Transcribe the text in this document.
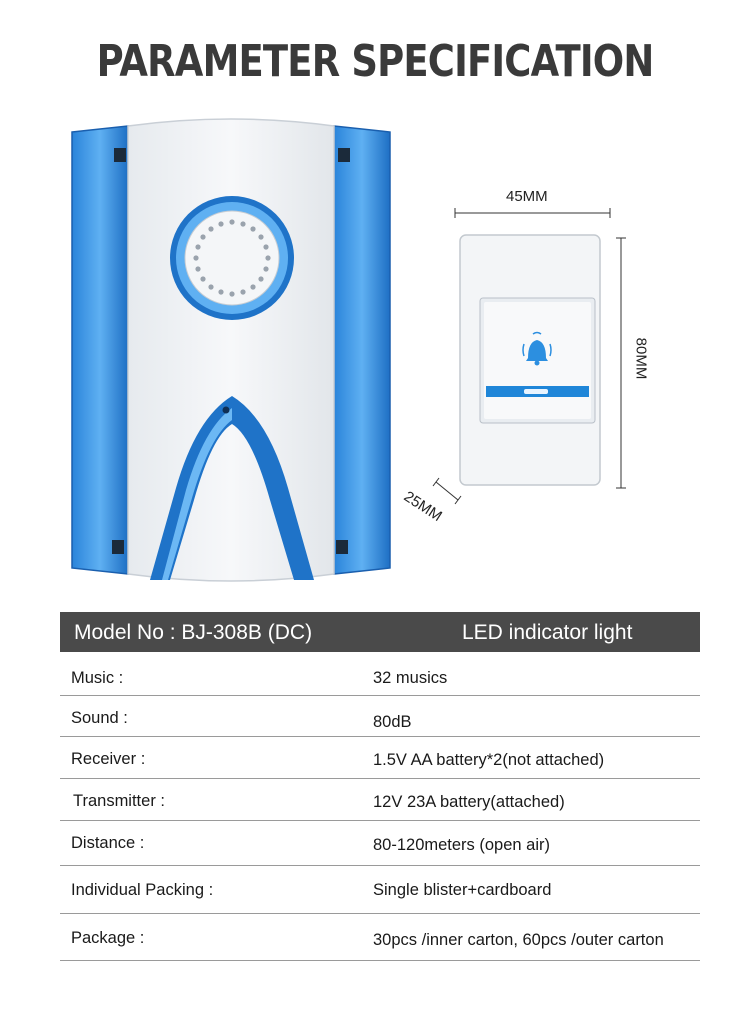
PARAMETER SPECIFICATION
45MM
80MM
25MM
Model No : BJ-308B (DC)	LED indicator light
Music :	32 musics
Sound :	80dB
Receiver :	1.5V AA battery*2(not attached)
Transmitter :	12V 23A battery(attached)
Distance :	80-120meters (open air)
Individual Packing :	Single blister+cardboard
Package :	30pcs /inner carton, 60pcs /outer carton
